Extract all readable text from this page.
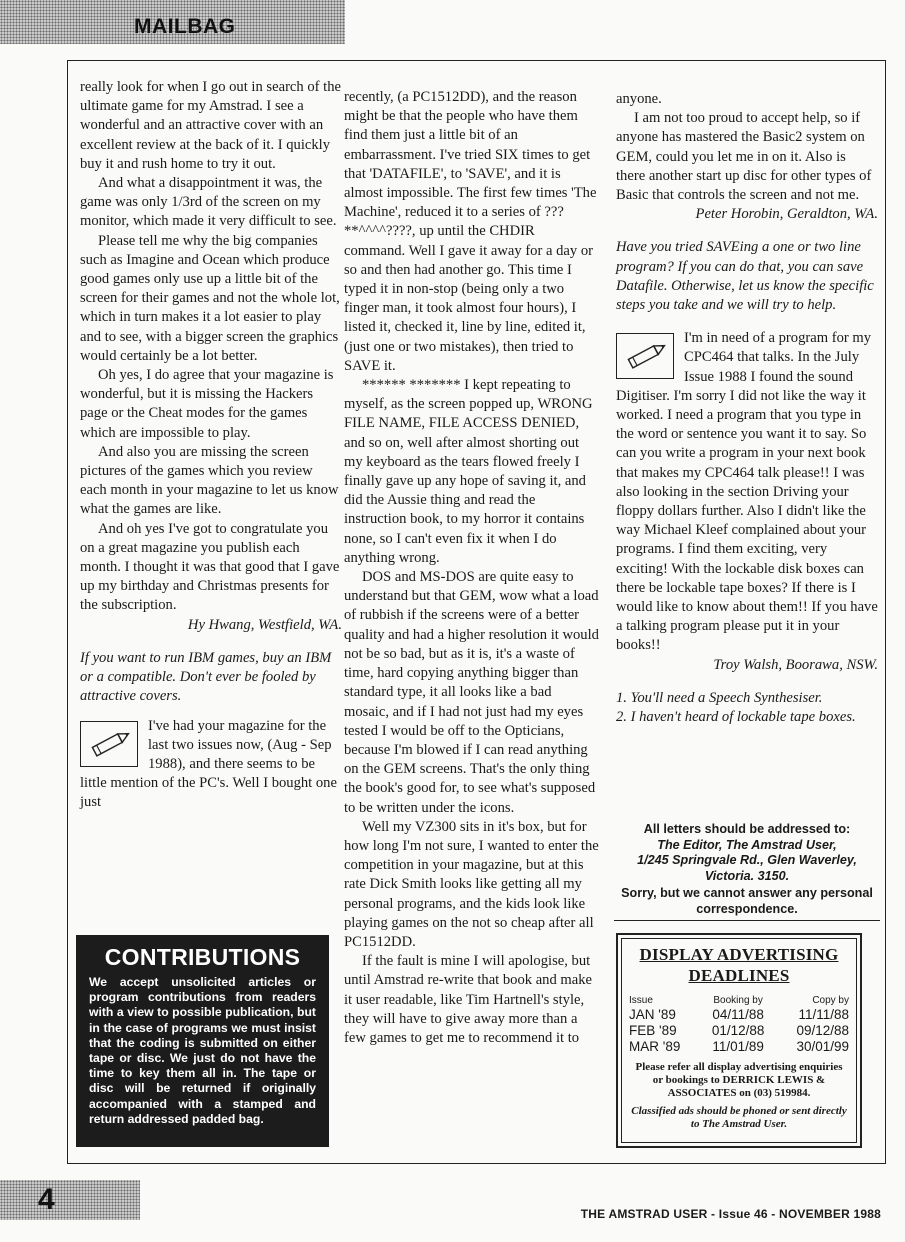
MAILBAG

really look for when I go out in search of the ultimate game for my Amstrad. I see a wonderful and an attractive cover with an excellent review at the back of it. I quickly buy it and rush home to try it out.

And what a disappointment it was, the game was only 1/3rd of the screen on my monitor, which made it very difficult to see.

Please tell me why the big companies such as Imagine and Ocean which produce good games only use up a little bit of the screen for their games and not the whole lot, which in turn makes it a lot easier to play and to see, with a bigger screen the graphics would certainly be a lot better.

Oh yes, I do agree that your magazine is wonderful, but it is missing the Hackers page or the Cheat modes for the games which are impossible to play.

And also you are missing the screen pictures of the games which you review each month in your magazine to let us know what the games are like.

And oh yes I've got to congratulate you on a great magazine you publish each month. I thought it was that good that I gave up my birthday and Christmas presents for the subscription.

Hy Hwang, Westfield, WA.

If you want to run IBM games, buy an IBM or a compatible. Don't ever be fooled by attractive covers.

I've had your magazine for the last two issues now, (Aug - Sep 1988), and there seems to be little mention of the PC's. Well I bought one just

recently, (a PC1512DD), and the reason might be that the people who have them find them just a little bit of an embarrassment. I've tried SIX times to get that 'DATAFILE', to 'SAVE', and it is almost impossible. The first few times 'The Machine', reduced it to a series of ???**^^^^????, up until the CHDIR command. Well I gave it away for a day or so and then had another go. This time I typed it in non-stop (being only a two finger man, it took almost four hours), I listed it, checked it, line by line, edited it, (just one or two mistakes), then tried to SAVE it.

****** ******* I kept repeating to myself, as the screen popped up, WRONG FILE NAME, FILE ACCESS DENIED, and so on, well after almost shorting out my keyboard as the tears flowed freely I finally gave up any hope of saving it, and did the Aussie thing and read the instruction book, to my horror it contains none, so I can't even fix it when I do anything wrong.

DOS and MS-DOS are quite easy to understand but that GEM, wow what a load of rubbish if the screens were of a better quality and had a higher resolution it would not be so bad, but as it is, it's a waste of time, hard copying anything bigger than standard type, it all looks like a bad mosaic, and if I had not just had my eyes tested I would be off to the Opticians, because I'm blowed if I can read anything on the GEM screens. That's the only thing the book's good for, to see what's supposed to be written under the icons.

Well my VZ300 sits in it's box, but for how long I'm not sure, I wanted to enter the competition in your magazine, but at this rate Dick Smith looks like getting all my personal programs, and the kids look like playing games on the not so cheap after all PC1512DD.

If the fault is mine I will apologise, but until Amstrad re-write that book and make it user readable, like Tim Hartnell's style, they will have to give away more than a few games to get me to recommend it to

anyone.

I am not too proud to accept help, so if anyone has mastered the Basic2 system on GEM, could you let me in on it. Also is there another start up disc for other types of Basic that controls the screen and not me.

Peter Horobin, Geraldton, WA.

Have you tried SAVEing a one or two line program? If you can do that, you can save Datafile. Otherwise, let us know the specific steps you take and we will try to help.

I'm in need of a program for my CPC464 that talks. In the July Issue 1988 I found the sound Digitiser. I'm sorry I did not like the way it worked. I need a program that you type in the word or sentence you want it to say. So can you write a program in your next book that makes my CPC464 talk please!! I was also looking in the section Driving your floppy dollars further. Also I didn't like the way Michael Kleef complained about your programs. I find them exciting, very exciting! With the lockable disk boxes can there be lockable tape boxes? If there is I would like to know about them!! If you have a talking program please put it in your books!!

Troy Walsh, Boorawa, NSW.

1. You'll need a Speech Synthesiser.

2. I haven't heard of lockable tape boxes.

All letters should be addressed to:
The Editor, The Amstrad User,
1/245 Springvale Rd., Glen Waverley,
Victoria. 3150.
Sorry, but we cannot answer any personal correspondence.
CONTRIBUTIONS
We accept unsolicited articles or program contributions from readers with a view to possible publication, but in the case of programs we must insist that the coding is submitted on either tape or disc. We just do not have the time to key them all in. The tape or disc will be returned if originally accompanied with a stamped and return addressed padded bag.
DISPLAY ADVERTISING
DEADLINES
Issue	Booking by	Copy by
JAN '89	04/11/88	11/11/88
FEB '89	01/12/88	09/12/88
MAR '89	11/01/89	30/01/99
Please refer all display advertising enquiries or bookings to DERRICK LEWIS & ASSOCIATES on (03) 519984.
Classified ads should be phoned or sent directly to The Amstrad User.
4	THE AMSTRAD USER - Issue 46 - NOVEMBER 1988
